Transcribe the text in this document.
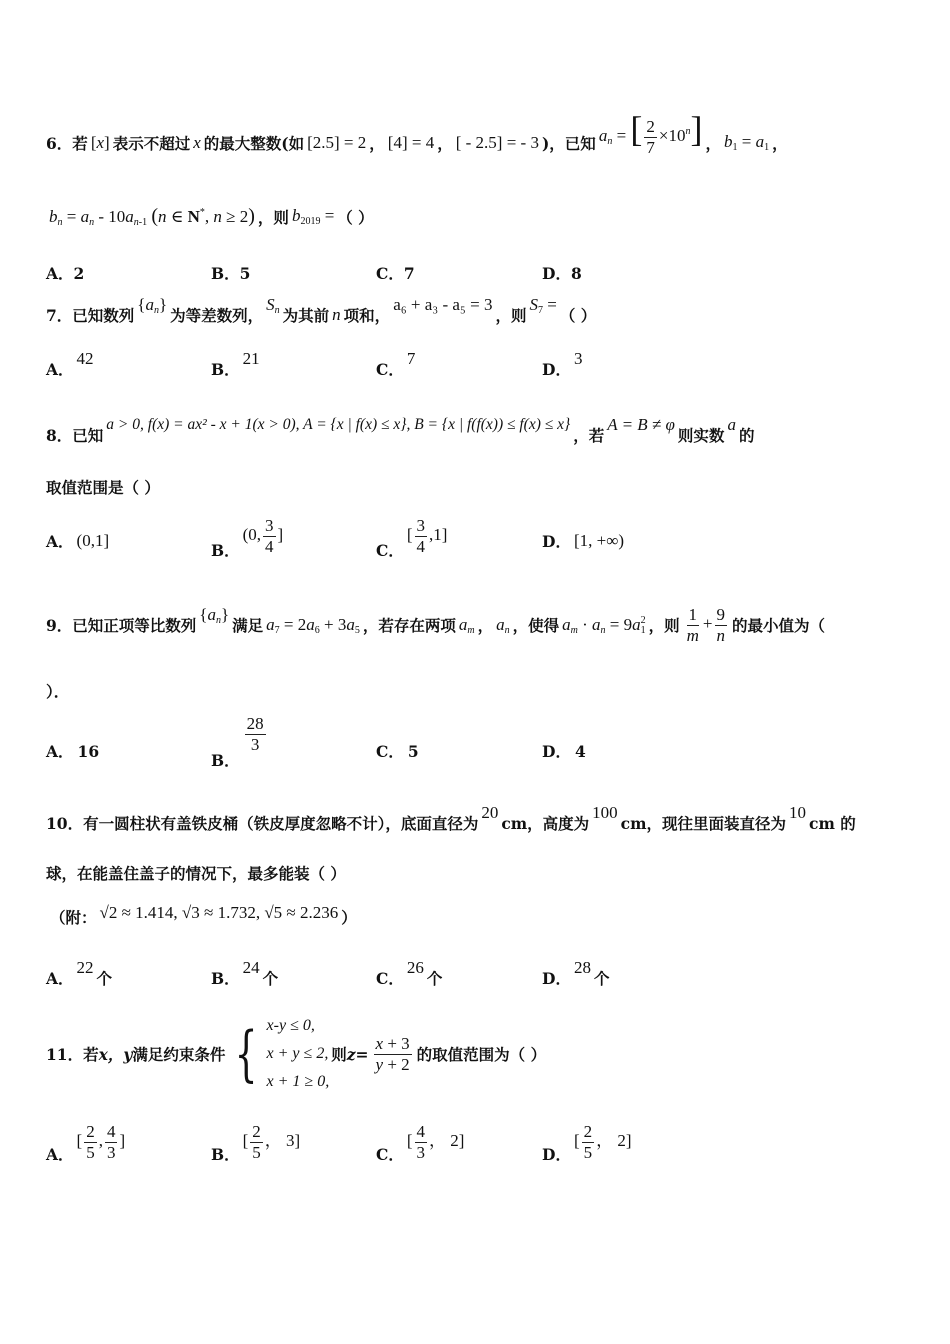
6． 若 [x] 表示不超过 x 的最大整数(如 [2.5] = 2 ， [4] = 4 ， [ - 2.5] = - 3 )，已知 $a_n$ = [ $\frac{2}{7} \times 10^n$] ， $b_1 = a_1$ ，
$b_n = a_n - 10a_{n-1}$ (n ∈ N*, n ≥ 2) ，则 $b_{2019}$ = （ ）
A．2	B．5	C．7	D．8
7．已知数列
$\{a_n\}$
为等差数列，
$S_n$ 为其前 n 项和，
a₆ + a₃ - a₅ = 3
，则
$S_7$ =
（ ）
A．
42
B．
21
C．
7
D．
3
8．已知
a > 0, f(x) = ax² - x + 1(x > 0), A = {x | f(x) ≤ x}, B = {x | f(f(x)) ≤ f(x) ≤ x}
，若
A = B ≠ φ
则实数
a
的
取值范围是（ ）
A． (0,1]
B．
(0, $\frac{3}{4}$ ]
C．
[ $\frac{3}{4} ,1$]	D． [1, +∞)
9．已知正项等比数列
$\{a_n\}$
满足 $a_7 = 2a_6 + 3a_5$ ，若存在两项 $a_m$ ， $a_n$ ，使得 $a_m \cdot a_n = 9a_1^2$ ，则 $\frac{1}{m} + \frac{9}{n}$ 的最小值为（
）．
A． 16
B．
$\frac{28}{3}$	C． 5	D． 4
10．有一圆柱状有盖铁皮桶（铁皮厚度忽略不计），底面直径为
20
cm，高度为
100
cm，现往里面装直径为
10
cm 的
球，在能盖住盖子的情况下，最多能装（ ）
（附： √2 ≈ 1.414, √3 ≈ 1.732, √5 ≈ 2.236 ）
A．
22
个	B．
24
个	C．
26
个	D．
28
个
11．若 x，y 满足约束条件 { x-y ≤ 0,
x + y ≤ 2,
x + 1 ≥ 0,
则 $z= \frac{x + 3}{y + 2}$ 的取值范围为（ ）
A．
[ $\frac{2}{5}$ , $\frac{4}{3}$ ]
B．
[ $\frac{2}{5}$ ， 3]
C．
[ $\frac{4}{3}$ ， 2]
D．
[ $\frac{2}{5}$ ， 2]
